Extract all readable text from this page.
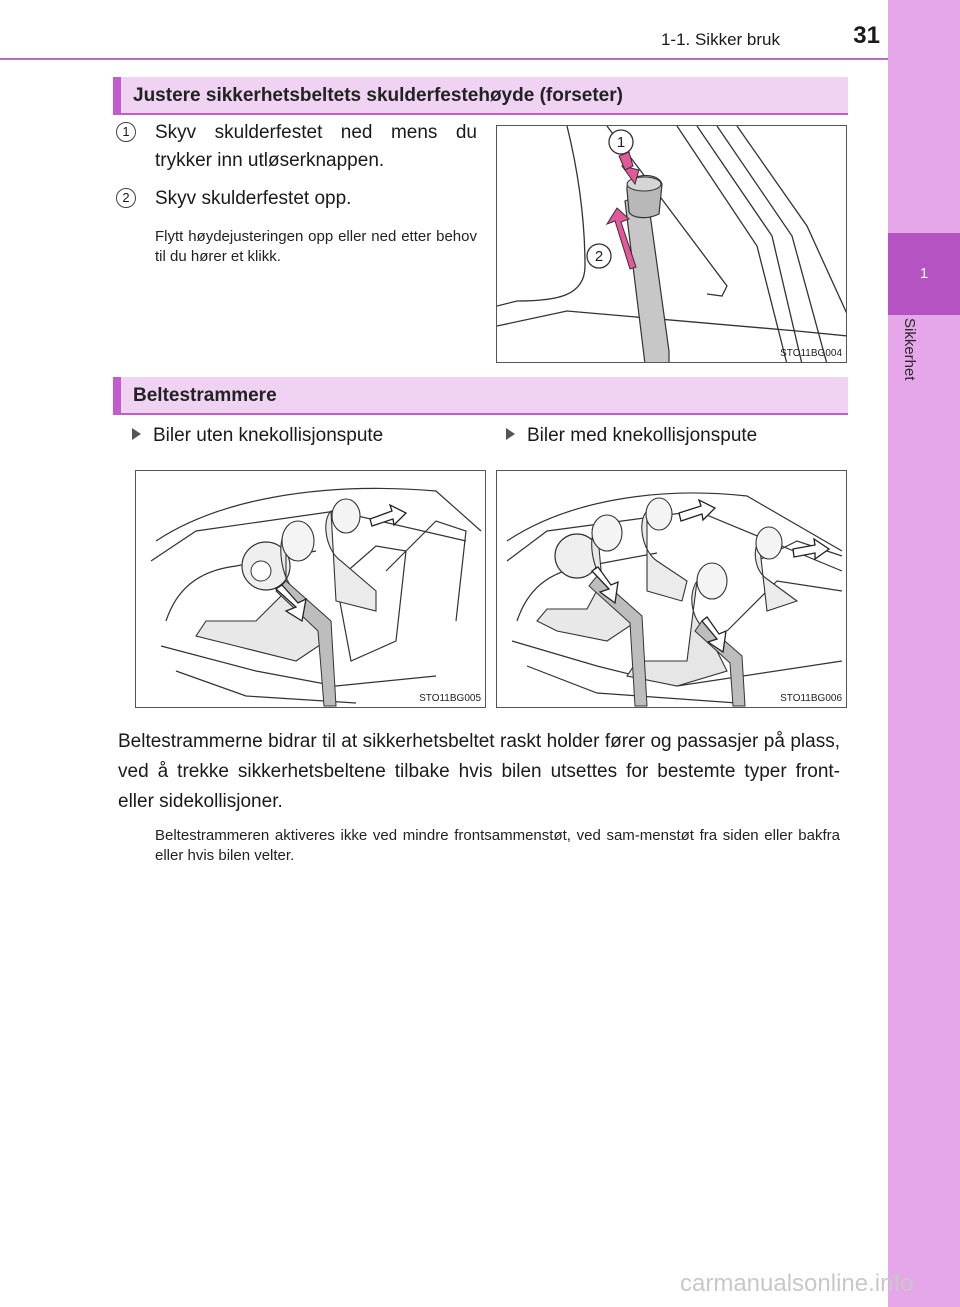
1
Sikkerhet
1-1. Sikker bruk	31
Justere sikkerhetsbeltets skulderfestehøyde (forseter)
1	Skyv skulderfestet ned mens du trykker inn utløserknappen.
2	Skyv skulderfestet opp.
Flytt høydejusteringen opp eller ned etter behov til du hører et klikk.
1
2
STO11BG004
Beltestrammere
Biler uten knekollisjonspute	Biler med knekollisjonspute
STO11BG005	STO11BG006
Beltestrammerne bidrar til at sikkerhetsbeltet raskt holder fører og passasjer på plass, ved å trekke sikkerhetsbeltene tilbake hvis bilen utsettes for bestemte typer front- eller sidekollisjoner.
Beltestrammeren aktiveres ikke ved mindre frontsammenstøt, ved sam-menstøt fra siden eller bakfra eller hvis bilen velter.
carmanualsonline.info
